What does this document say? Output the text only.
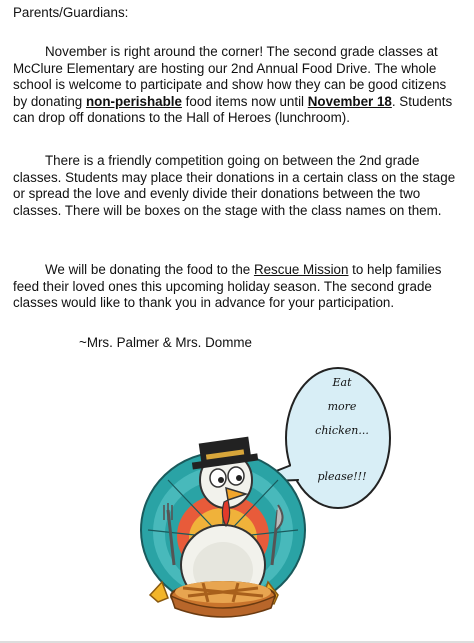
Parents/Guardians:

November is right around the corner! The second grade classes at McClure Elementary are hosting our 2nd Annual Food Drive. The whole school is welcome to participate and show how they can be good citizens by donating non-perishable food items now until November 18. Students can drop off donations to the Hall of Heroes (lunchroom).

There is a friendly competition going on between the 2nd grade classes. Students may place their donations in a certain class on the stage or spread the love and evenly divide their donations between the two classes. There will be boxes on the stage with the class names on them.

We will be donating the food to the Rescue Mission to help families feed their loved ones this upcoming holiday season. The second grade classes would like to thank you in advance for your participation.

~Mrs. Palmer & Mrs. Domme

Eat
more
chicken...
please!!!
